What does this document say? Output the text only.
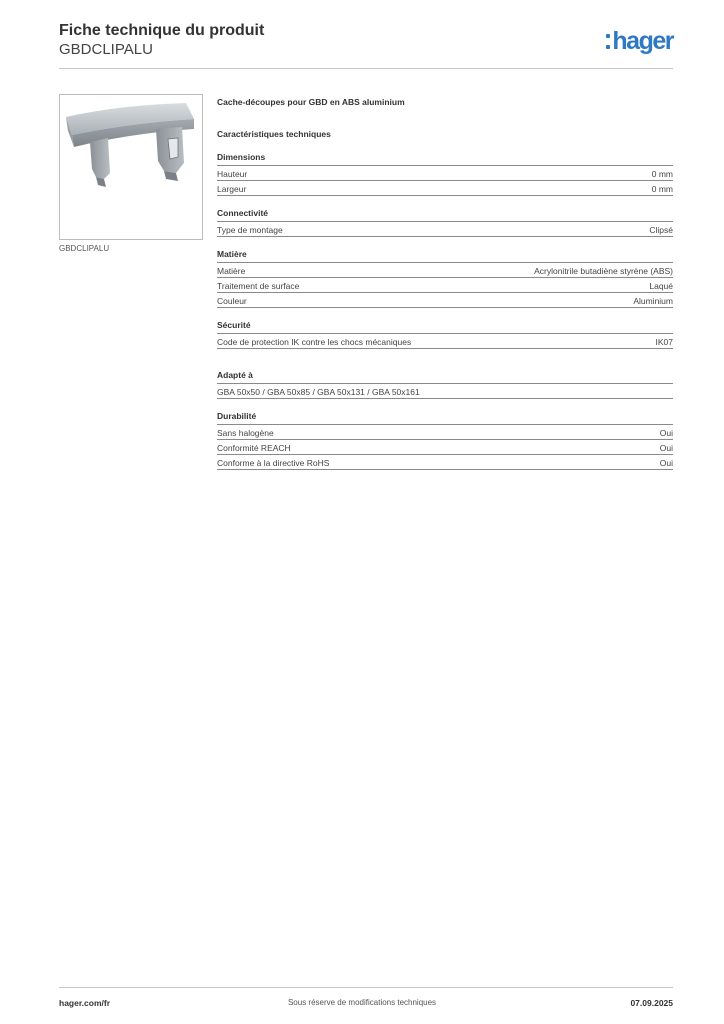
Fiche technique du produit
GBDCLIPALU	hager
GBDCLIPALU
Cache-découpes pour GBD en ABS aluminium
Caractéristiques techniques
Dimensions
Hauteur	0 mm
Largeur	0 mm
Connectivité
Type de montage	Clipsé
Matière
Matière	Acrylonitrile butadiène styrène (ABS)
Traitement de surface	Laqué
Couleur	Aluminium
Sécurité
Code de protection IK contre les chocs mécaniques	IK07
Adapté à
GBA 50x50 / GBA 50x85 / GBA 50x131 / GBA 50x161
Durabilité
Sans halogène	Oui
Conformité REACH	Oui
Conforme à la directive RoHS	Oui
hager.com/fr	Sous réserve de modifications techniques	07.09.2025
